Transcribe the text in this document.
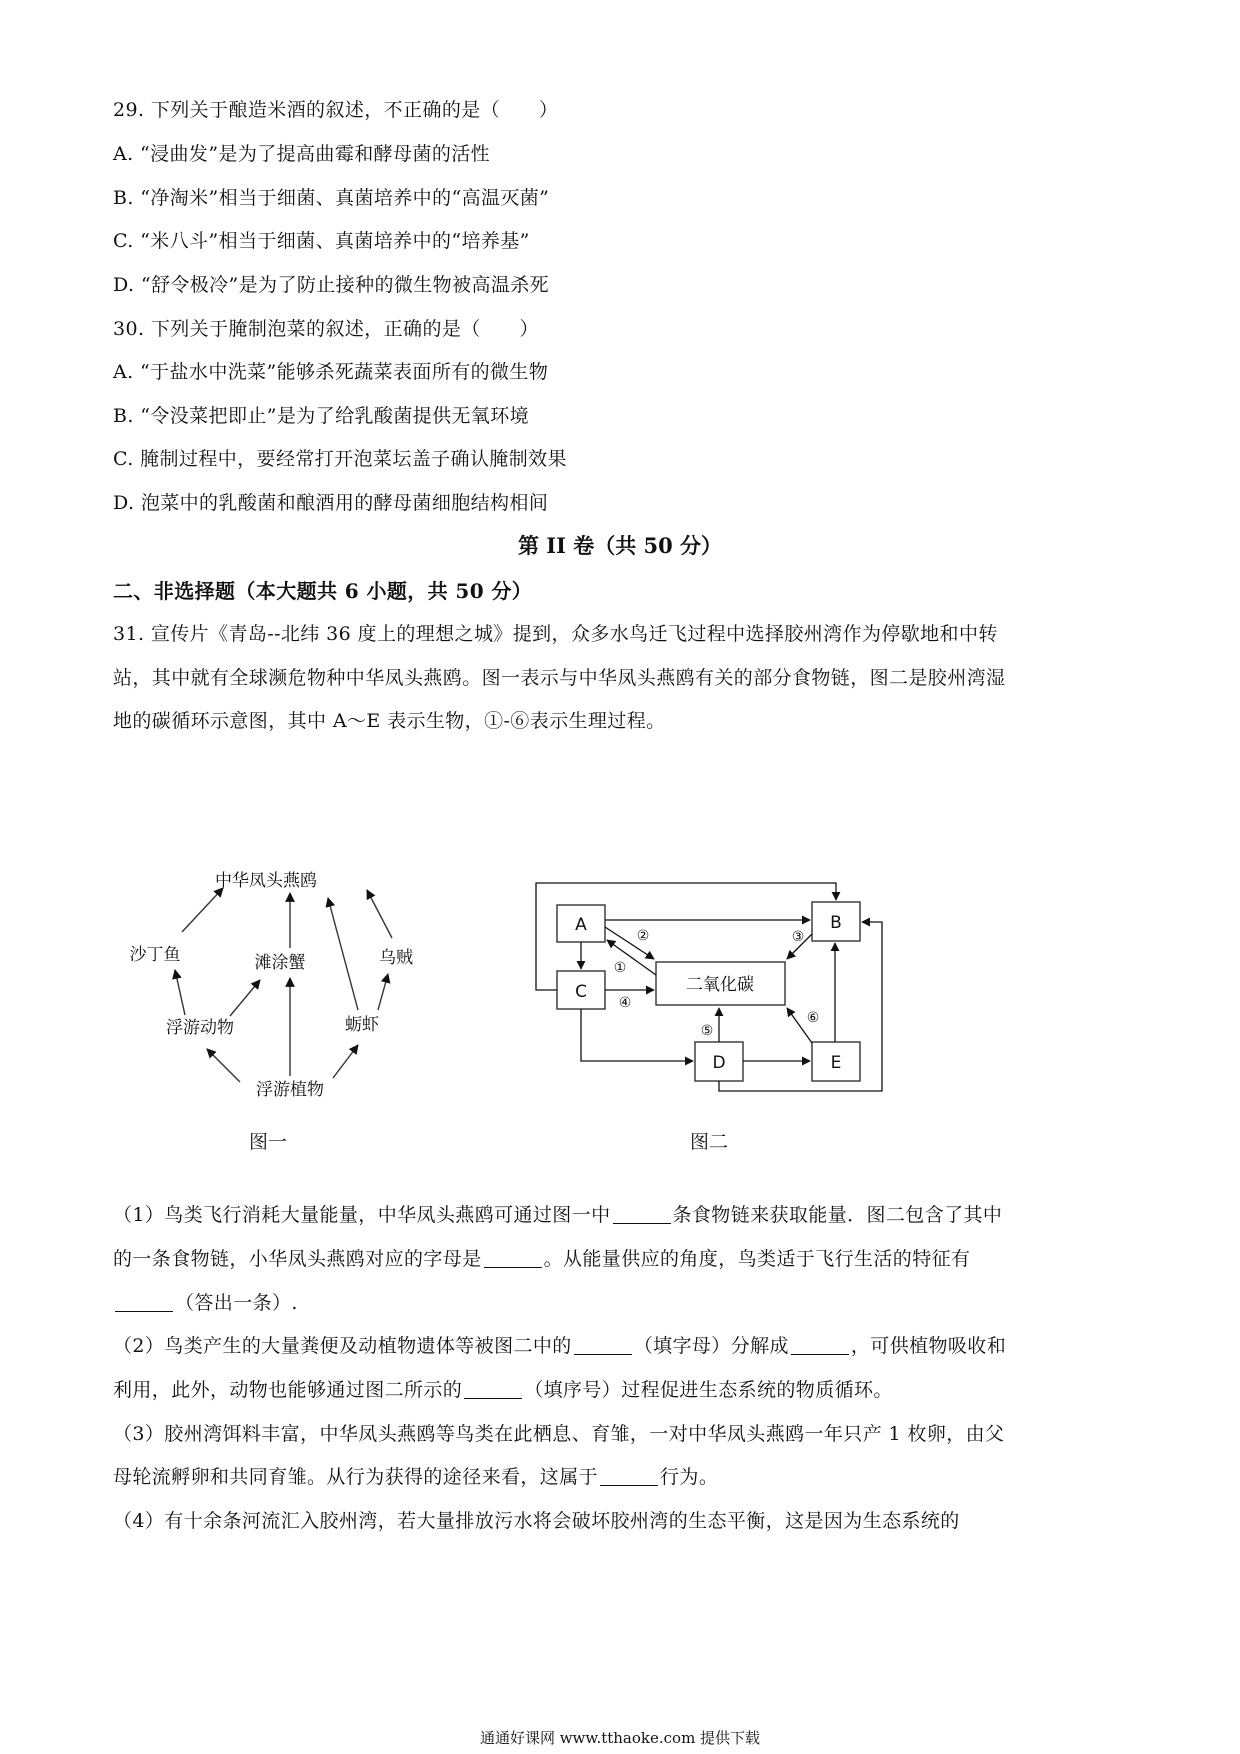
29. 下列关于酿造米酒的叙述，不正确的是（　　）
A. “浸曲发”是为了提高曲霉和酵母菌的活性
B. “净淘米”相当于细菌、真菌培养中的“高温灭菌”
C. “米八斗”相当于细菌、真菌培养中的“培养基”
D. “舒令极冷”是为了防止接种的微生物被高温杀死
30. 下列关于腌制泡菜的叙述，正确的是（　　）
A. “于盐水中洗菜”能够杀死蔬菜表面所有的微生物
B. “令没菜把即止”是为了给乳酸菌提供无氧环境
C. 腌制过程中，要经常打开泡菜坛盖子确认腌制效果
D. 泡菜中的乳酸菌和酿酒用的酵母菌细胞结构相间
第 II 卷（共 50 分）
二、非选择题（本大题共 6 小题，共 50 分）
31. 宣传片《青岛--北纬 36 度上的理想之城》提到，众多水鸟迁飞过程中选择胶州湾作为停歇地和中转
站，其中就有全球濒危物种中华凤头燕鸥。图一表示与中华凤头燕鸥有关的部分食物链，图二是胶州湾湿
地的碳循环示意图，其中 A～E 表示生物，①-⑥表示生理过程。
中华凤头燕鸥
沙丁鱼	滩涂蟹	乌贼
浮游动物	蛎虾
浮游植物
图一
A
C
B
二氧化碳
D	E
②
①
③
④
⑤
⑥
图二
（1）鸟类飞行消耗大量能量，中华凤头燕鸥可通过图一中	条食物链来获取能量．图二包含了其中
的一条食物链，小华凤头燕鸥对应的字母是	。从能量供应的角度，鸟类适于飞行生活的特征有
（答出一条）.
（2）鸟类产生的大量粪便及动植物遗体等被图二中的	（填字母）分解成	，可供植物吸收和
利用，此外，动物也能够通过图二所示的	（填序号）过程促进生态系统的物质循环。
（3）胶州湾饵料丰富，中华凤头燕鸥等鸟类在此栖息、育雏，一对中华凤头燕鸥一年只产 1 枚卵，由父
母轮流孵卵和共同育雏。从行为获得的途径来看，这属于	行为。
（4）有十余条河流汇入胶州湾，若大量排放污水将会破坏胶州湾的生态平衡，这是因为生态系统的
通通好课网 www.tthaoke.com 提供下载
